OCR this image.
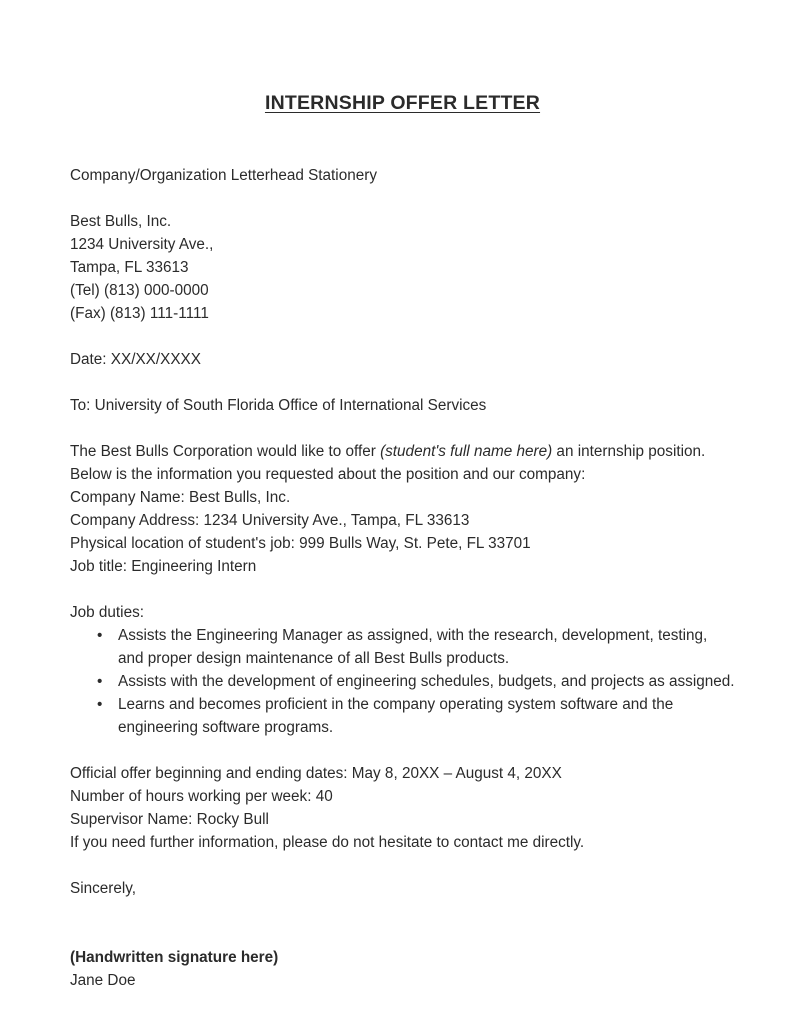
INTERNSHIP OFFER LETTER

Company/Organization Letterhead Stationery

Best Bulls, Inc.

1234 University Ave.,

Tampa, FL 33613

(Tel) (813) 000-0000

(Fax) (813) 111-1111

Date: XX/XX/XXXX

To: University of South Florida Office of International Services

The Best Bulls Corporation would like to offer (student's full name here) an internship position.

Below is the information you requested about the position and our company:

Company Name: Best Bulls, Inc.

Company Address: 1234 University Ave., Tampa, FL 33613

Physical location of student's job: 999 Bulls Way, St. Pete, FL 33701

Job title: Engineering Intern

Job duties:

• Assists the Engineering Manager as assigned, with the research, development, testing, and proper design maintenance of all Best Bulls products.
• Assists with the development of engineering schedules, budgets, and projects as assigned.
• Learns and becomes proficient in the company operating system software and the engineering software programs.

Official offer beginning and ending dates: May 8, 20XX – August 4, 20XX

Number of hours working per week: 40

Supervisor Name: Rocky Bull

If you need further information, please do not hesitate to contact me directly.

Sincerely,

(Handwritten signature here)

Jane Doe
